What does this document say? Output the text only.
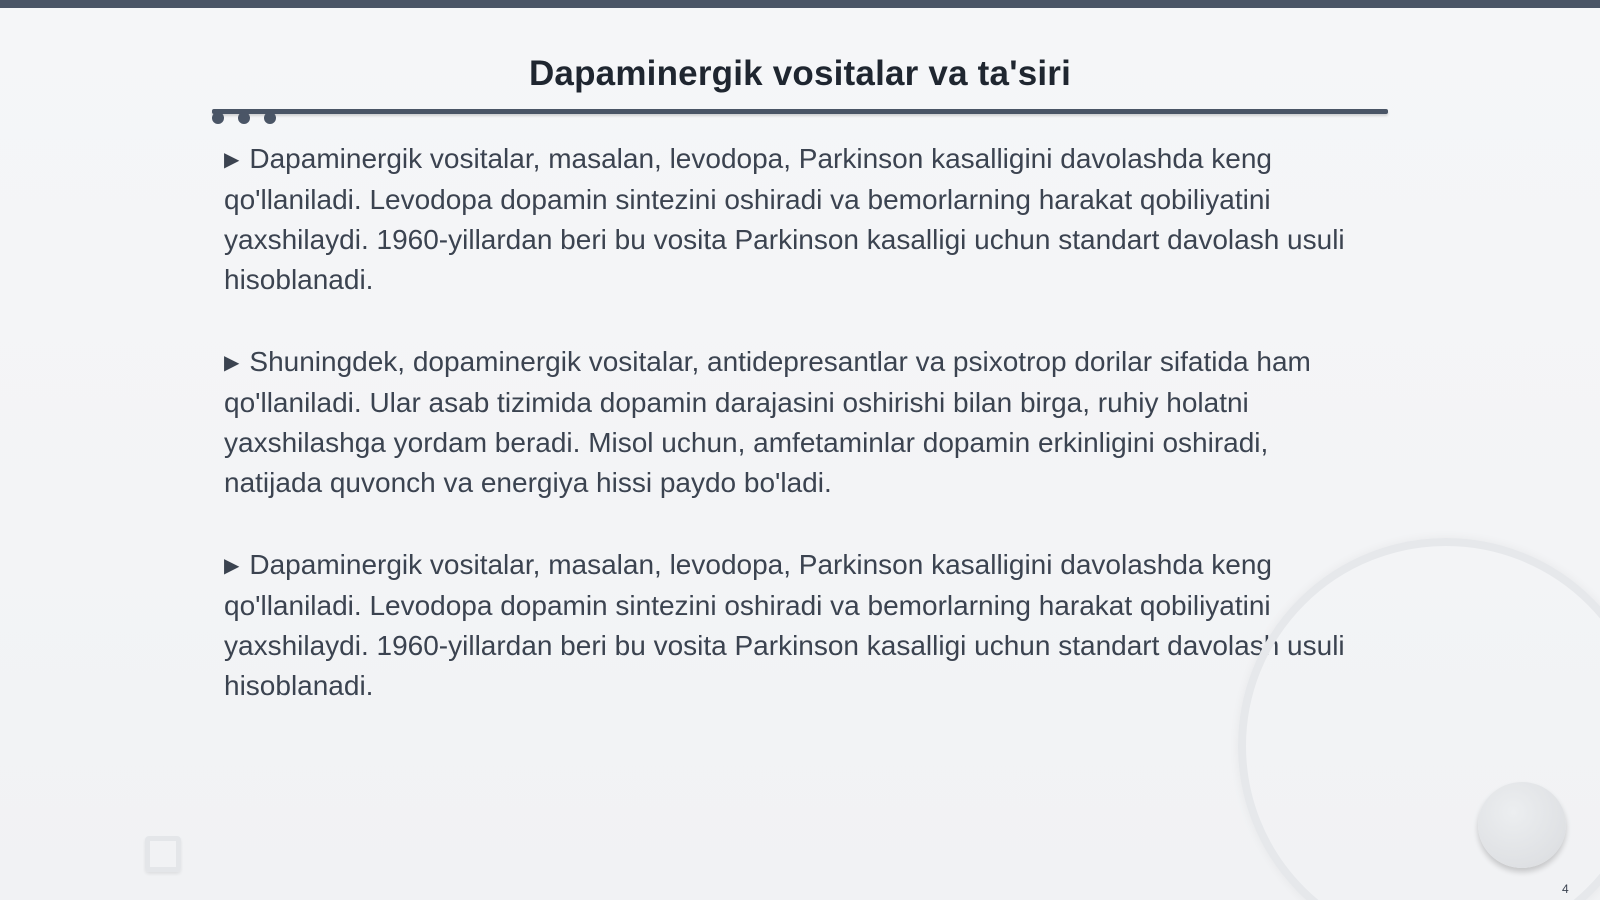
Dapaminergik vositalar va ta'siri

▶ Dapaminergik vositalar, masalan, levodopa, Parkinson kasalligini davolashda keng qo'llaniladi. Levodopa dopamin sintezini oshiradi va bemorlarning harakat qobiliyatini yaxshilaydi. 1960-yillardan beri bu vosita Parkinson kasalligi uchun standart davolash usuli hisoblanadi.

▶ Shuningdek, dopaminergik vositalar, antidepresantlar va psixotrop dorilar sifatida ham qo'llaniladi. Ular asab tizimida dopamin darajasini oshirishi bilan birga, ruhiy holatni yaxshilashga yordam beradi. Misol uchun, amfetaminlar dopamin erkinligini oshiradi, natijada quvonch va energiya hissi paydo bo'ladi.

▶ Dapaminergik vositalar, masalan, levodopa, Parkinson kasalligini davolashda keng qo'llaniladi. Levodopa dopamin sintezini oshiradi va bemorlarning harakat qobiliyatini yaxshilaydi. 1960-yillardan beri bu vosita Parkinson kasalligi uchun standart davolash usuli hisoblanadi.

4
